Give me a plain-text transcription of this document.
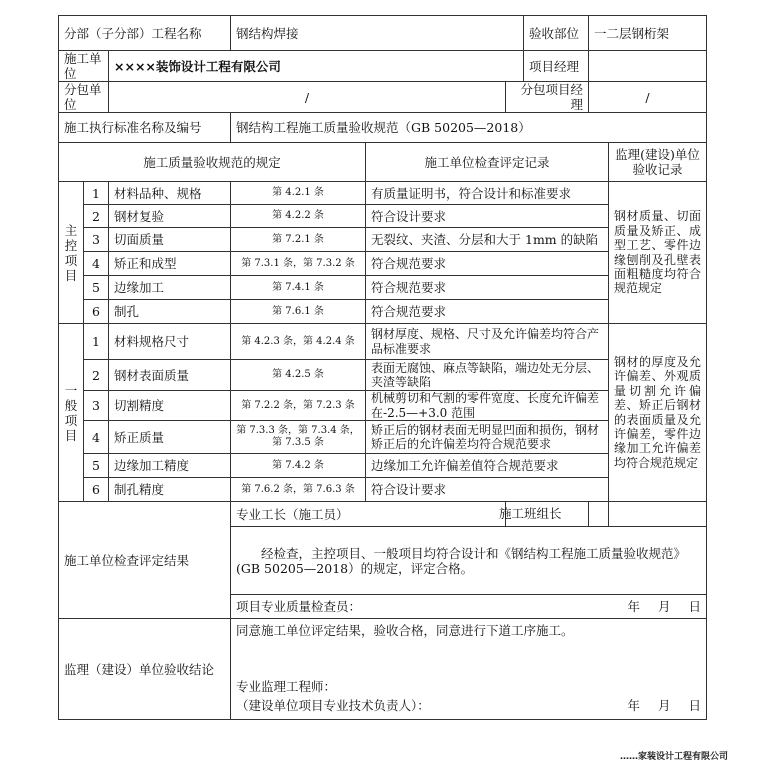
分部（子分部）工程名称			钢结构焊接			验收部位	一二层钢桁架	
施工单位		××××装饰设计工程有限公司				项目经理		
分包单位		/			分包项目经理		/	
施工执行标准名称及编号			钢结构工程施工质量验收规范（GB 50205—2018）					
施工质量验收规范的规定				施工单位检查评定记录				监理(建设)单位验收记录
主
控
项
目	1	材料品种、规格	第 4.2.1 条	有质量证明书，符合设计和标准要求				钢材质量、切面质量及矫正、成型工艺、零件边缘刨削及孔壁表面粗糙度均符合规范规定
	2	钢材复验	第 4.2.2 条	符合设计要求				
	3	切面质量	第 7.2.1 条	无裂纹、夹渣、分层和大于 1mm 的缺陷				
	4	矫正和成型	第 7.3.1 条，第 7.3.2 条	符合规范要求				
	5	边缘加工	第 7.4.1 条	符合规范要求				
	6	制孔	第 7.6.1 条	符合规范要求				
一
般
项
目	1	材料规格尺寸	第 4.2.3 条，第 4.2.4 条	钢材厚度、规格、尺寸及允许偏差均符合产品标准要求				钢材的厚度及允许偏差、外观质量切割允许偏差、矫正后钢材的表面质量及允许偏差，零件边缘加工允许偏差均符合规范规定
	2	钢材表面质量	第 4.2.5 条	表面无腐蚀、麻点等缺陷，端边处无分层、夹渣等缺陷				
	3	切割精度	第 7.2.2 条，第 7.2.3 条	机械剪切和气割的零件宽度、长度允许偏差在-2.5—+3.0 范围				
	4	矫正质量	第 7.3.3 条，第 7.3.4 条，第 7.3.5 条	矫正后的钢材表面无明显凹面和损伤，钢材矫正后的允许偏差均符合规范要求				
	5	边缘加工精度	第 7.4.2 条	边缘加工允许偏差值符合规范要求				
	6	制孔精度	第 7.6.2 条，第 7.6.3 条	符合设计要求				
施工单位检查评定结果			专业工长（施工员）					施工班组长

			经检查，主控项目、一般项目均符合设计和《钢结构工程施工质量验收规范》(GB 50205—2018）的规定，评定合格。					

			项目专业质量检查员： 年 月 日					

监理（建设）单位验收结论			同意施工单位评定结果，验收合格，同意进行下道工序施工。
专业监理工程师：
（建设单位项目专业技术负责人）： 年 月 日					
……家装设计工程有限公司
